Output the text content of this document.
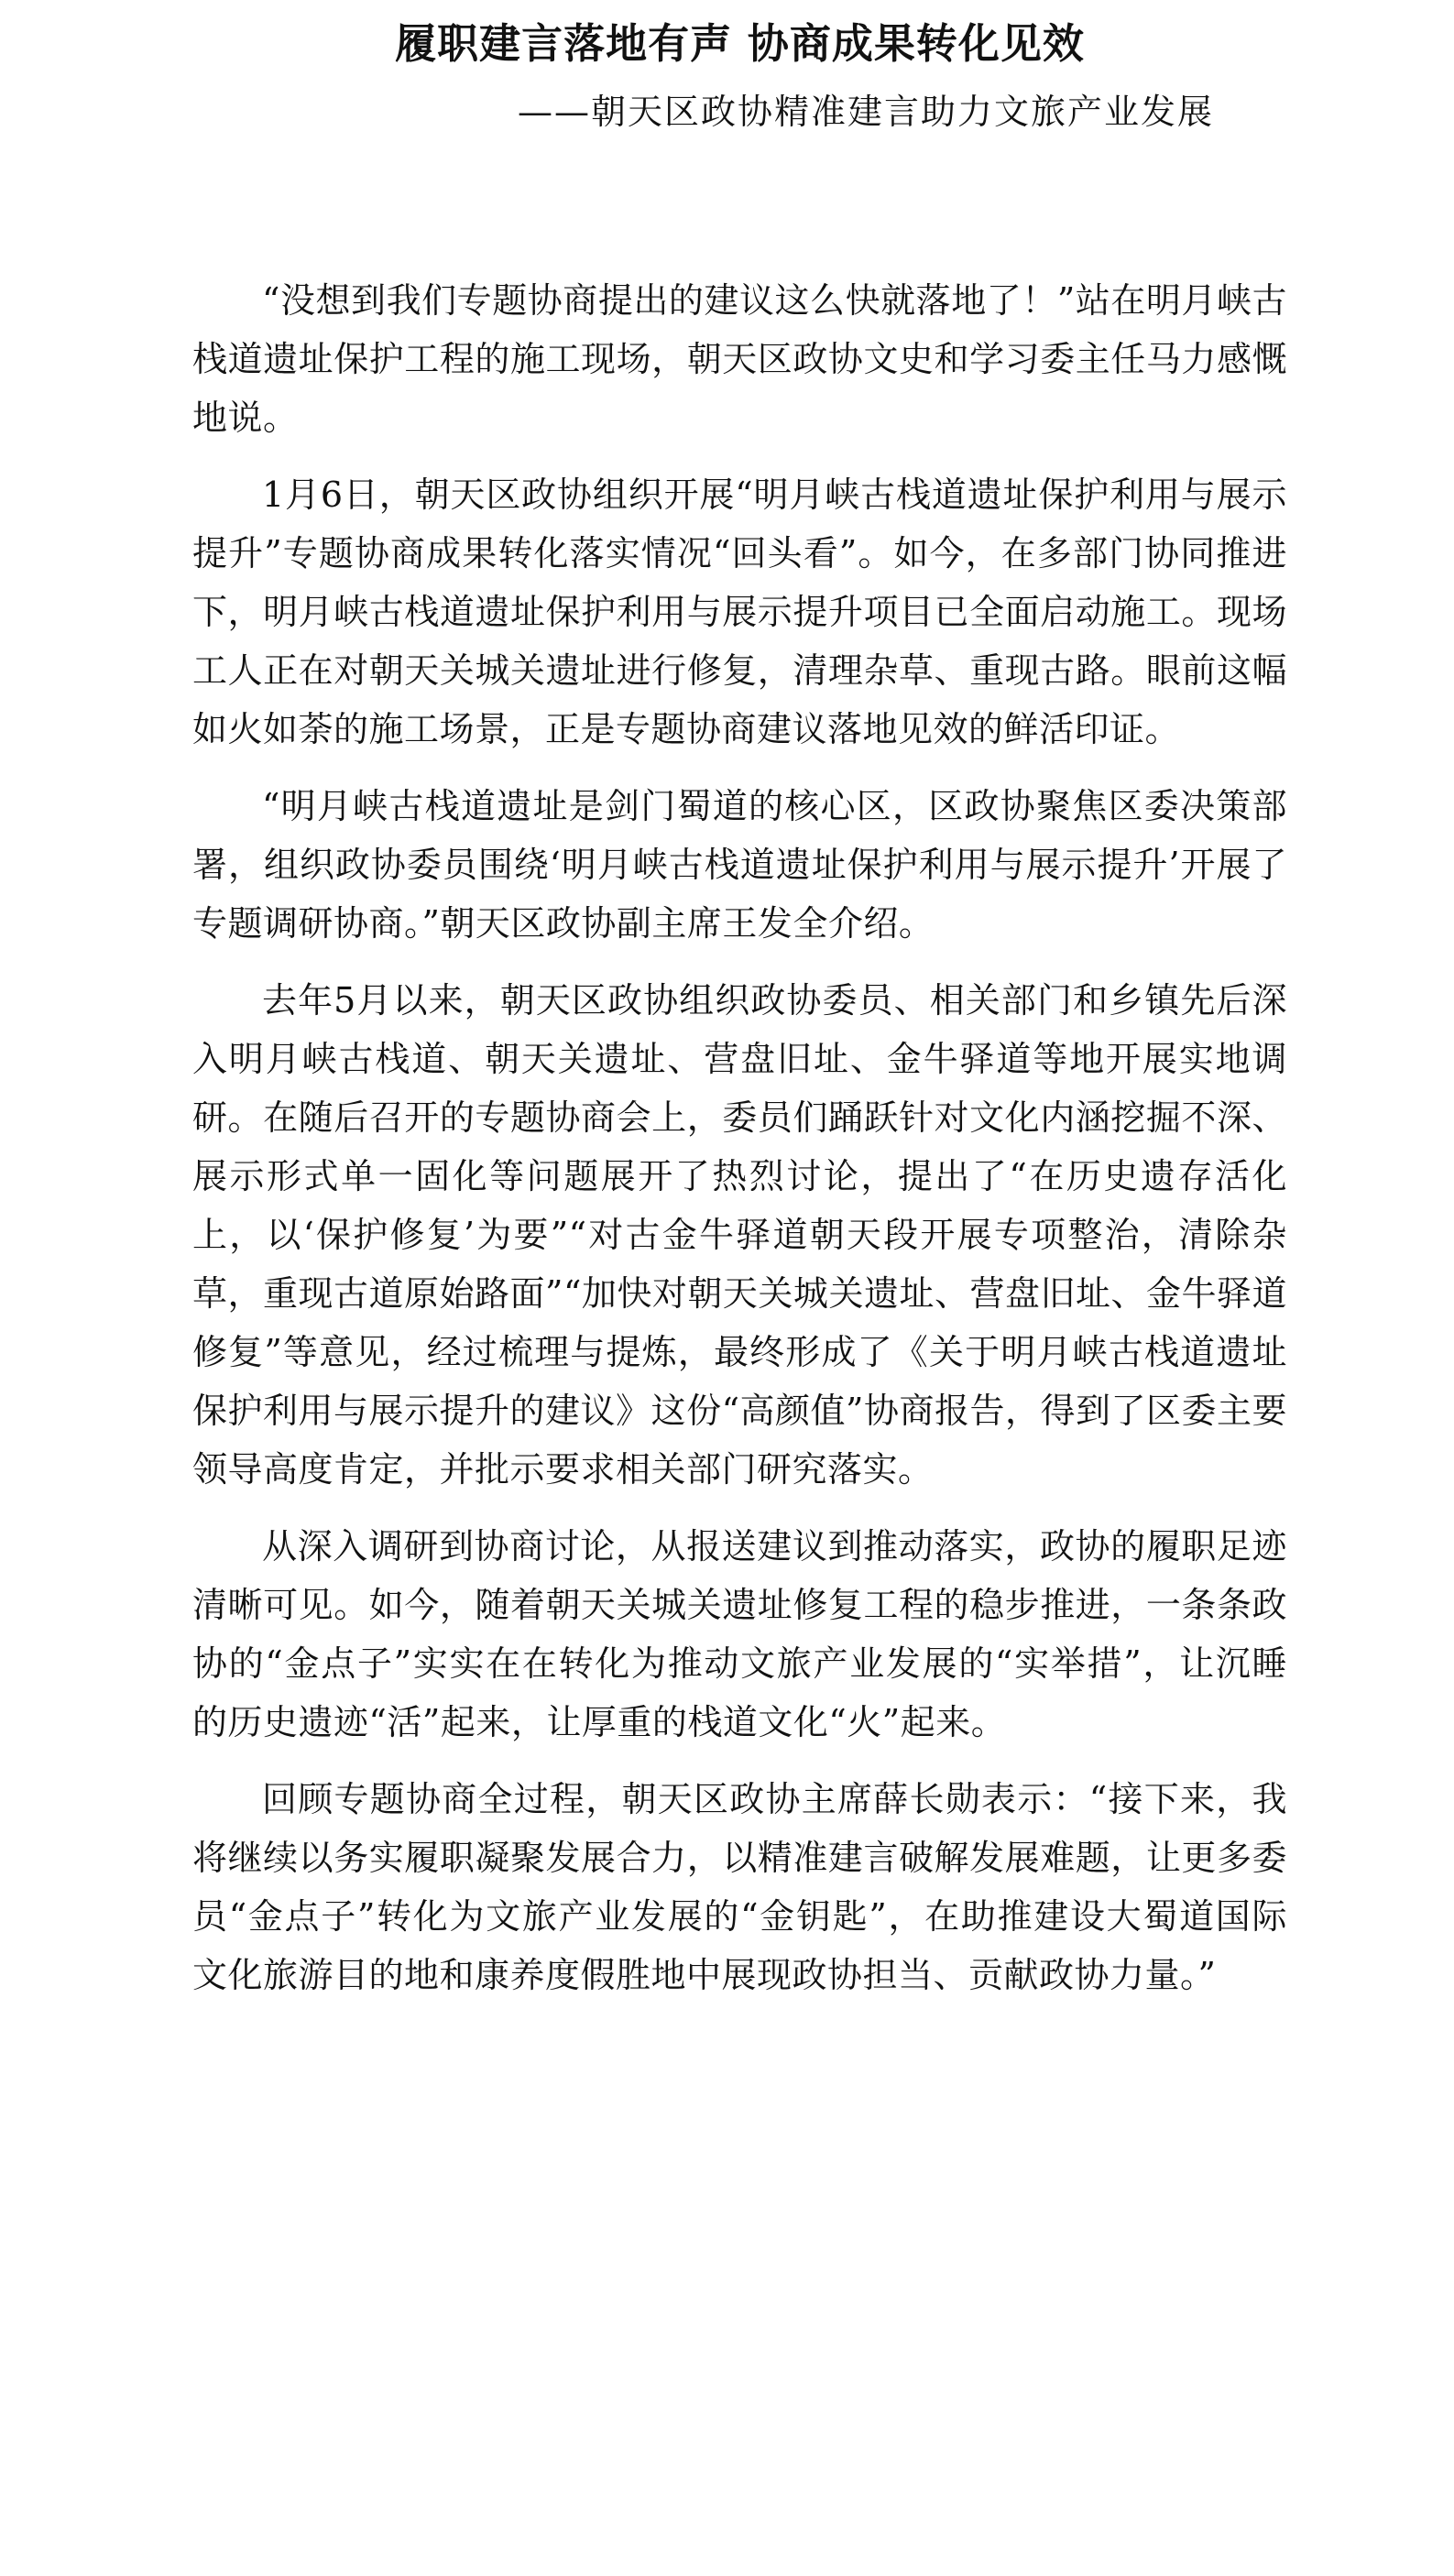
履职建言落地有声 协商成果转化见效
——朝天区政协精准建言助力文旅产业发展

“没想到我们专题协商提出的建议这么快就落地了！”站在明月峡古栈道遗址保护工程的施工现场，朝天区政协文史和学习委主任马力感慨地说。

1月6日，朝天区政协组织开展“明月峡古栈道遗址保护利用与展示提升”专题协商成果转化落实情况“回头看”。如今，在多部门协同推进下，明月峡古栈道遗址保护利用与展示提升项目已全面启动施工。现场工人正在对朝天关城关遗址进行修复，清理杂草、重现古路。眼前这幅如火如荼的施工场景，正是专题协商建议落地见效的鲜活印证。

“明月峡古栈道遗址是剑门蜀道的核心区，区政协聚焦区委决策部署，组织政协委员围绕‘明月峡古栈道遗址保护利用与展示提升’开展了专题调研协商。”朝天区政协副主席王发全介绍。

去年5月以来，朝天区政协组织政协委员、相关部门和乡镇先后深入明月峡古栈道、朝天关遗址、营盘旧址、金牛驿道等地开展实地调研。在随后召开的专题协商会上，委员们踊跃针对文化内涵挖掘不深、展示形式单一固化等问题展开了热烈讨论，提出了“在历史遗存活化上，以‘保护修复’为要”“对古金牛驿道朝天段开展专项整治，清除杂草，重现古道原始路面”“加快对朝天关城关遗址、营盘旧址、金牛驿道修复”等意见，经过梳理与提炼，最终形成了《关于明月峡古栈道遗址保护利用与展示提升的建议》这份“高颜值”协商报告，得到了区委主要领导高度肯定，并批示要求相关部门研究落实。

从深入调研到协商讨论，从报送建议到推动落实，政协的履职足迹清晰可见。如今，随着朝天关城关遗址修复工程的稳步推进，一条条政协的“金点子”实实在在转化为推动文旅产业发展的“实举措”，让沉睡的历史遗迹“活”起来，让厚重的栈道文化“火”起来。

回顾专题协商全过程，朝天区政协主席薛长勋表示：“接下来，我将继续以务实履职凝聚发展合力，以精准建言破解发展难题，让更多委员“金点子”转化为文旅产业发展的“金钥匙”，在助推建设大蜀道国际文化旅游目的地和康养度假胜地中展现政协担当、贡献政协力量。”
